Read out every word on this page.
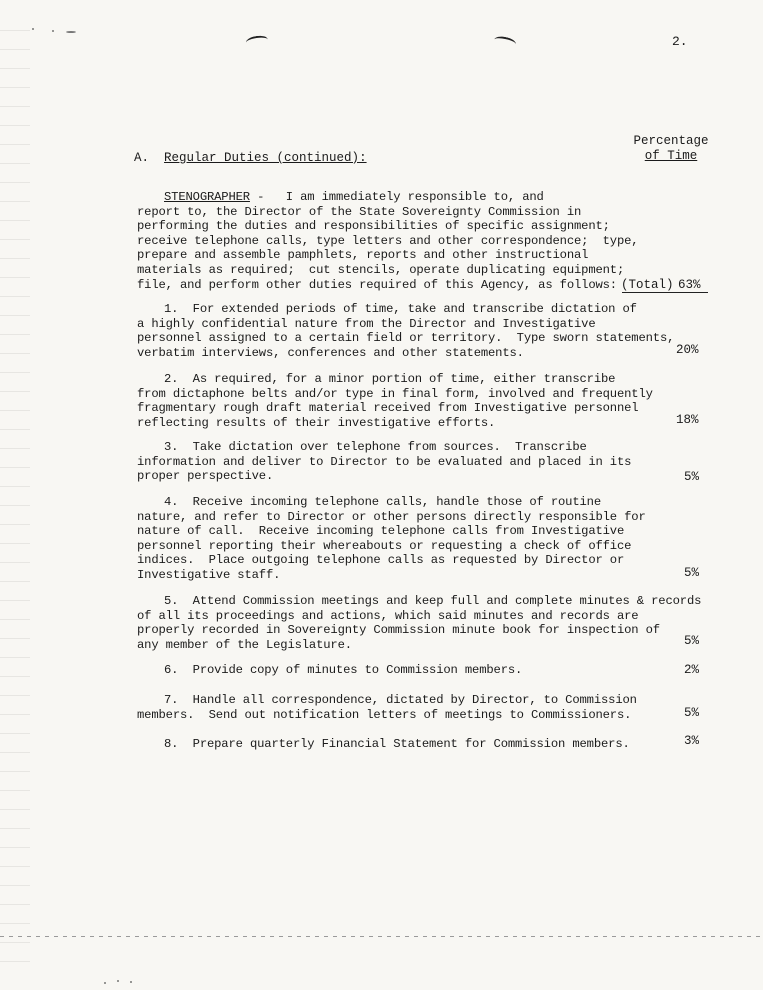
2.
A. Regular Duties (continued):
Percentage
of Time
STENOGRAPHER -   I am immediately responsible to, and
report to, the Director of the State Sovereignty Commission in
performing the duties and responsibilities of specific assignment;
receive telephone calls, type letters and other correspondence;  type,
prepare and assemble pamphlets, reports and other instructional
materials as required;  cut stencils, operate duplicating equipment;
file, and perform other duties required of this Agency, as follows: (Total) 63%
1.  For extended periods of time, take and transcribe dictation of
a highly confidential nature from the Director and Investigative
personnel assigned to a certain field or territory.  Type sworn statements,
verbatim interviews, conferences and other statements.	20%
2.  As required, for a minor portion of time, either transcribe
from dictaphone belts and/or type in final form, involved and frequently
fragmentary rough draft material received from Investigative personnel
reflecting results of their investigative efforts.	18%
3.  Take dictation over telephone from sources.  Transcribe
information and deliver to Director to be evaluated and placed in its
proper perspective.	5%
4.  Receive incoming telephone calls, handle those of routine
nature, and refer to Director or other persons directly responsible for
nature of call.  Receive incoming telephone calls from Investigative
personnel reporting their whereabouts or requesting a check of office
indices.  Place outgoing telephone calls as requested by Director or
Investigative staff.	5%
5.  Attend Commission meetings and keep full and complete minutes & records
of all its proceedings and actions, which said minutes and records are
properly recorded in Sovereignty Commission minute book for inspection of
any member of the Legislature.	5%
6.  Provide copy of minutes to Commission members.	2%
7.  Handle all correspondence, dictated by Director, to Commission
members.  Send out notification letters of meetings to Commissioners.	5%
8.  Prepare quarterly Financial Statement for Commission members.	3%
